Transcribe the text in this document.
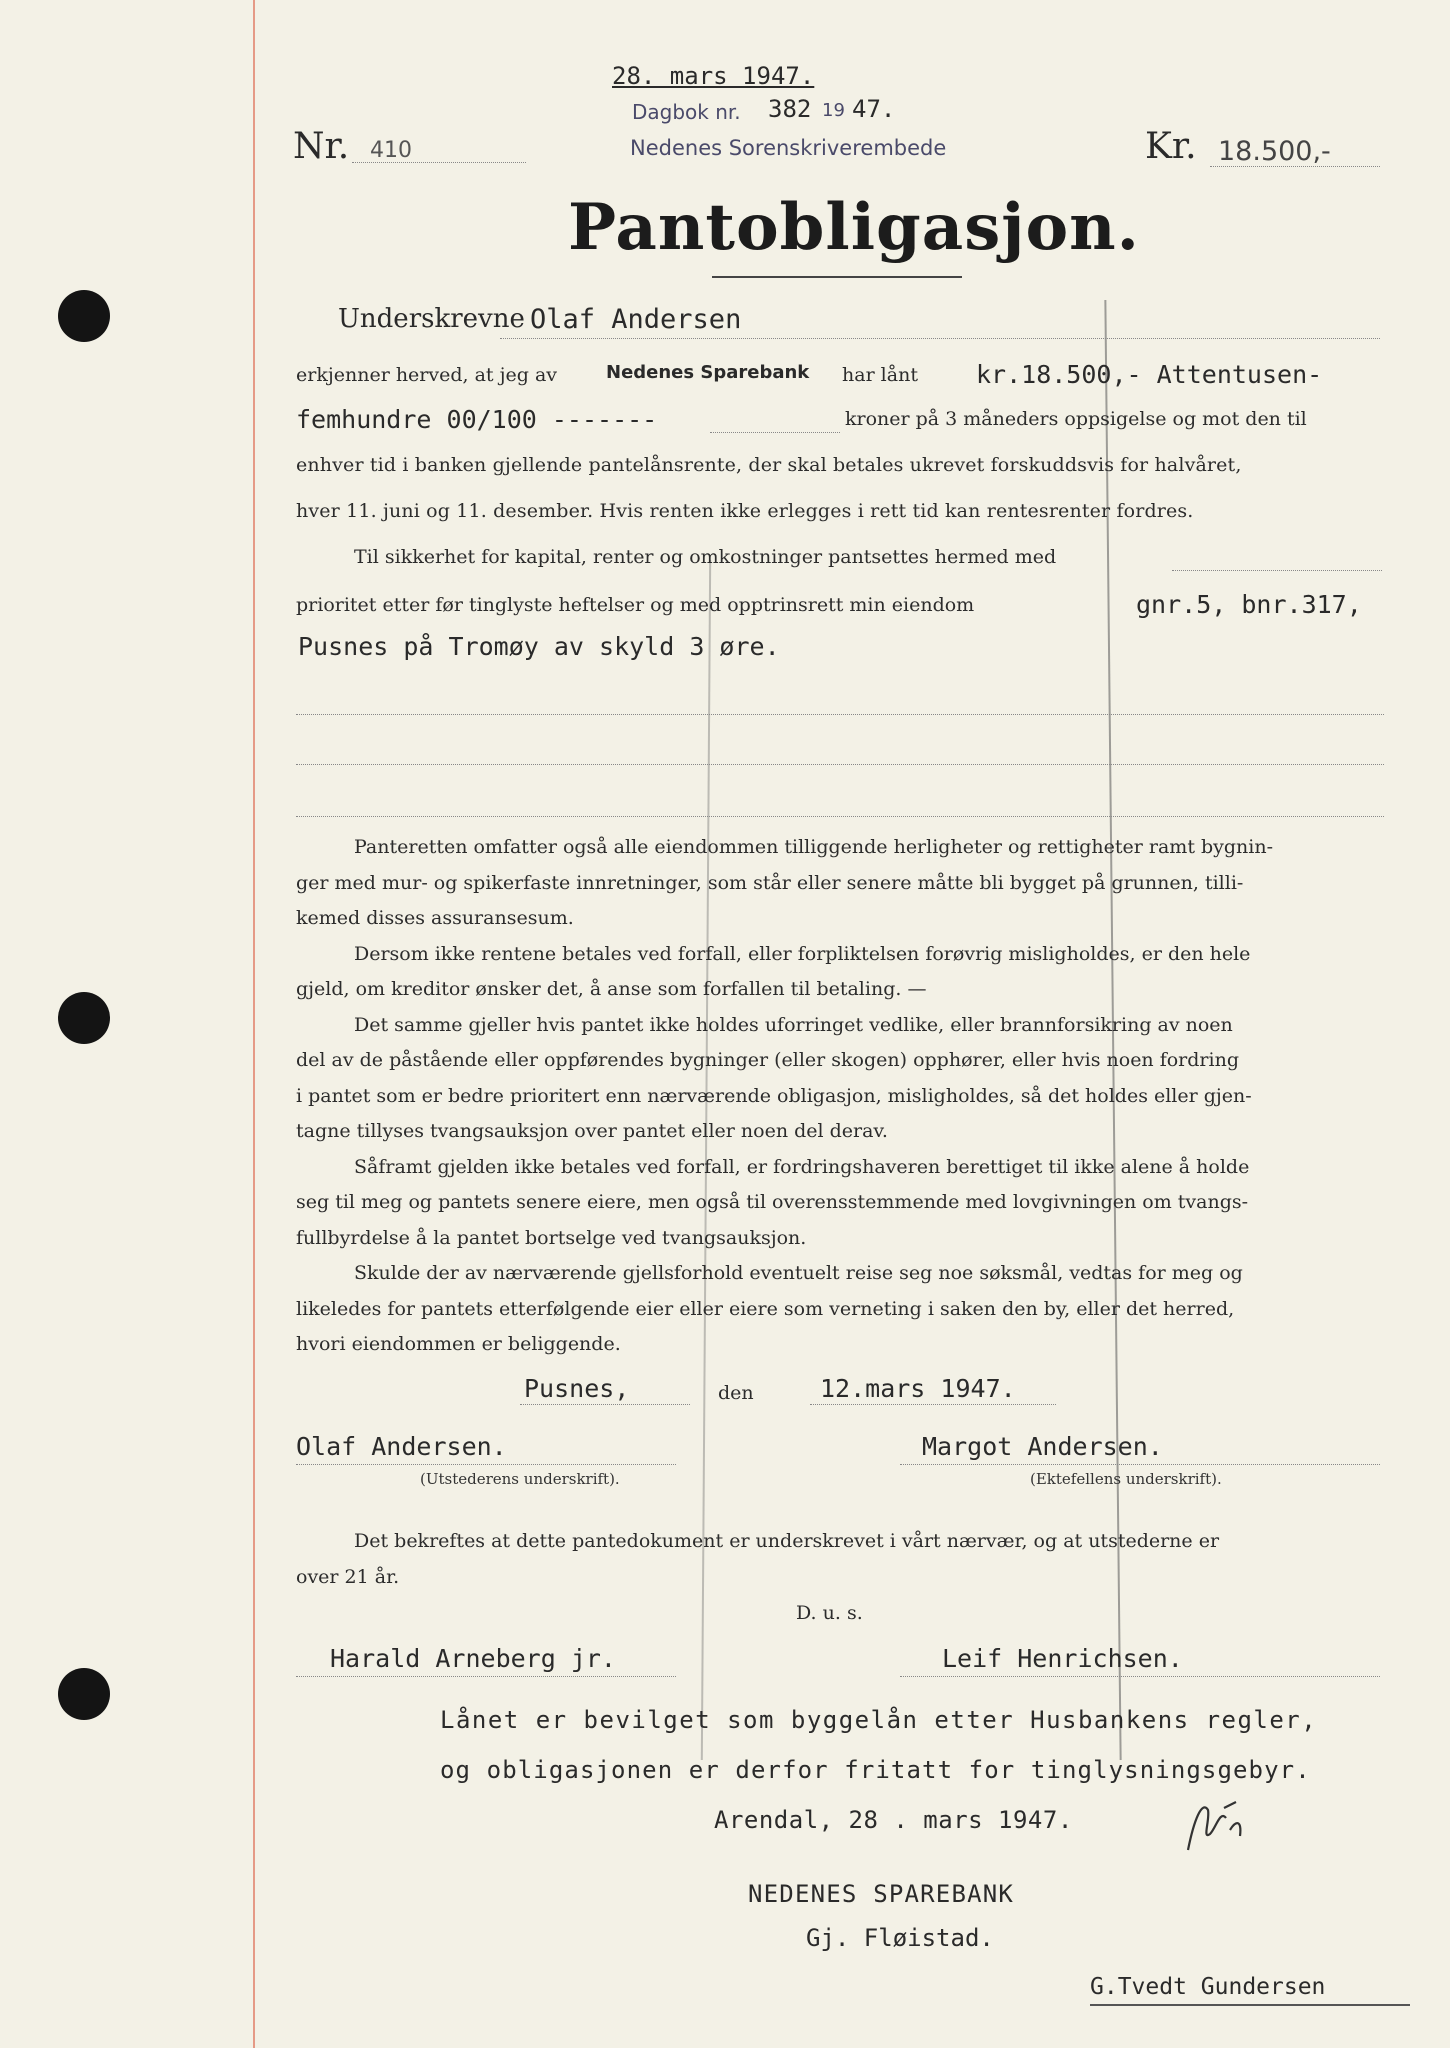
28. mars 1947.
Dagbok nr. 382 19 47.
Nedenes Sorenskriverembede
Nr. 410	Kr. 18.500,-
Pantobligasjon.
Underskrevne Olaf Andersen
erkjenner herved, at jeg av	Nedenes Sparebank har lånt kr.18.500,- Attentusen-
femhundre 00/100 -------	kroner på 3 måneders oppsigelse og mot den til
enhver tid i banken gjellende pantelånsrente, der skal betales ukrevet forskuddsvis for halvåret,
hver 11. juni og 11. desember. Hvis renten ikke erlegges i rett tid kan rentesrenter fordres.
Til sikkerhet for kapital, renter og omkostninger pantsettes hermed med
prioritet etter før tinglyste heftelser og med opptrinsrett min eiendom	gnr.5, bnr.317,
Pusnes på Tromøy av skyld 3 øre.
Panteretten omfatter også alle eiendommen tilliggende herligheter og rettigheter ramt bygnin-
ger med mur- og spikerfaste innretninger, som står eller senere måtte bli bygget på grunnen, tilli-
kemed disses assuransesum.
Dersom ikke rentene betales ved forfall, eller forpliktelsen forøvrig misligholdes, er den hele
gjeld, om kreditor ønsker det, å anse som forfallen til betaling. —
Det samme gjeller hvis pantet ikke holdes uforringet vedlike, eller brannforsikring av noen
del av de påstående eller oppførendes bygninger (eller skogen) opphører, eller hvis noen fordring
i pantet som er bedre prioritert enn nærværende obligasjon, misligholdes, så det holdes eller gjen-
tagne tillyses tvangsauksjon over pantet eller noen del derav.
Såframt gjelden ikke betales ved forfall, er fordringshaveren berettiget til ikke alene å holde
seg til meg og pantets senere eiere, men også til overensstemmende med lovgivningen om tvangs-
fullbyrdelse å la pantet bortselge ved tvangsauksjon.
Skulde der av nærværende gjellsforhold eventuelt reise seg noe søksmål, vedtas for meg og
likeledes for pantets etterfølgende eier eller eiere som verneting i saken den by, eller det herred,
hvori eiendommen er beliggende.
Pusnes,	den	12.mars 1947.
Olaf Andersen.
(Utstederens underskrift).
Margot Andersen.
(Ektefellens underskrift).
Det bekreftes at dette pantedokument er underskrevet i vårt nærvær, og at utstederne er
over 21 år.
D. u. s.
Harald Arneberg jr.	Leif Henrichsen.
Lånet er bevilget som byggelån etter Husbankens regler,
og obligasjonen er derfor fritatt for tinglysningsgebyr.
Arendal, 28 . mars 1947.
NEDENES SPAREBANK
Gj. Fløistad.
G.Tvedt Gundersen
